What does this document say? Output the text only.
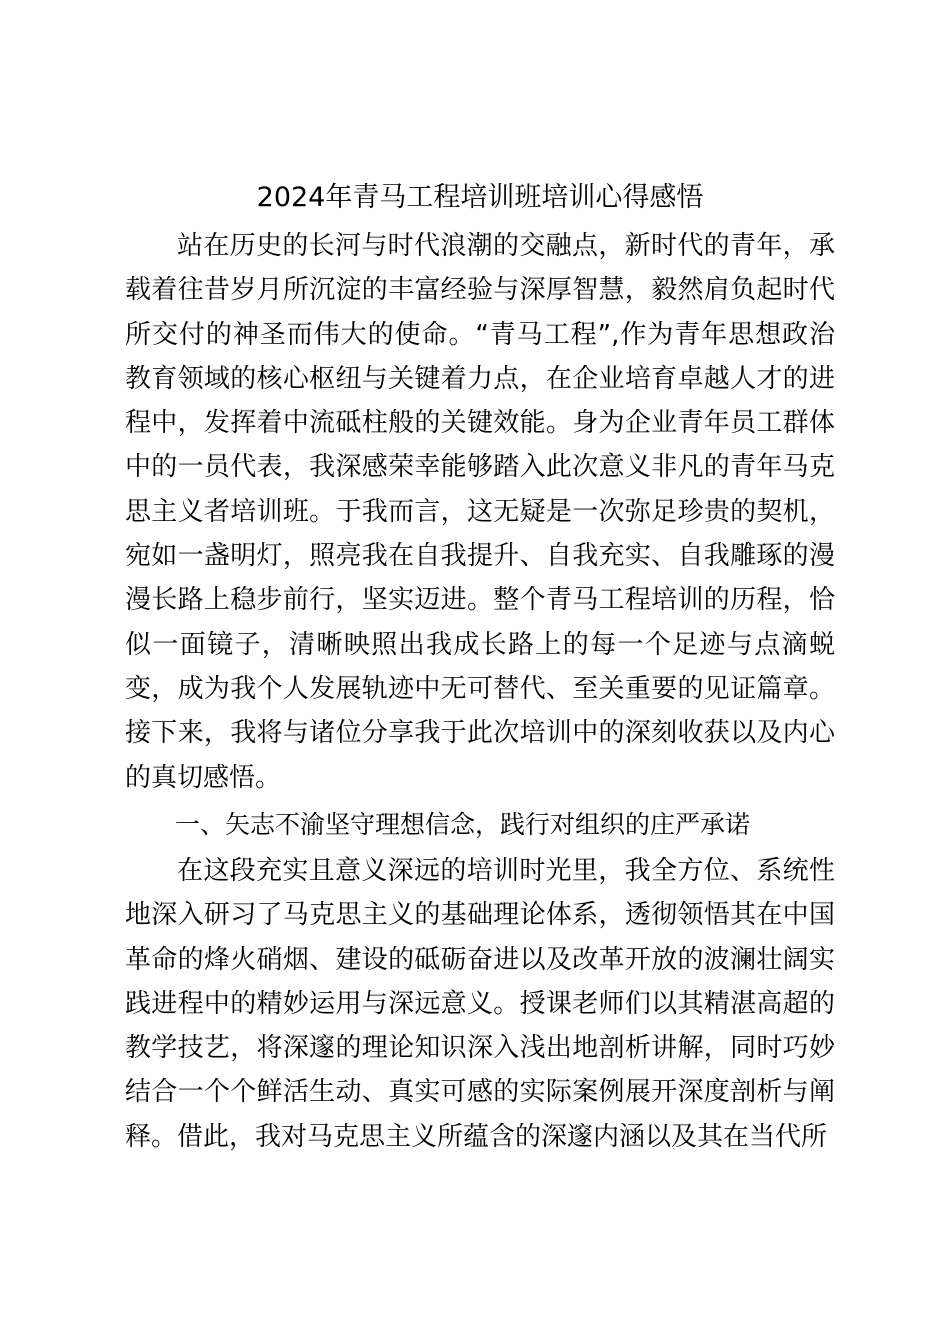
2024年青马工程培训班培训心得感悟

站在历史的长河与时代浪潮的交融点，新时代的青年，承载着往昔岁月所沉淀的丰富经验与深厚智慧，毅然肩负起时代所交付的神圣而伟大的使命。“青马工程”,作为青年思想政治教育领域的核心枢纽与关键着力点，在企业培育卓越人才的进程中，发挥着中流砥柱般的关键效能。身为企业青年员工群体中的一员代表，我深感荣幸能够踏入此次意义非凡的青年马克思主义者培训班。于我而言，这无疑是一次弥足珍贵的契机，宛如一盏明灯，照亮我在自我提升、自我充实、自我雕琢的漫漫长路上稳步前行，坚实迈进。整个青马工程培训的历程，恰似一面镜子，清晰映照出我成长路上的每一个足迹与点滴蜕变，成为我个人发展轨迹中无可替代、至关重要的见证篇章。接下来，我将与诸位分享我于此次培训中的深刻收获以及内心的真切感悟。

一、矢志不渝坚守理想信念，践行对组织的庄严承诺

在这段充实且意义深远的培训时光里，我全方位、系统性地深入研习了马克思主义的基础理论体系，透彻领悟其在中国革命的烽火硝烟、建设的砥砺奋进以及改革开放的波澜壮阔实践进程中的精妙运用与深远意义。授课老师们以其精湛高超的教学技艺，将深邃的理论知识深入浅出地剖析讲解，同时巧妙结合一个个鲜活生动、真实可感的实际案例展开深度剖析与阐释。借此，我对马克思主义所蕴含的深邃内涵以及其在当代所
